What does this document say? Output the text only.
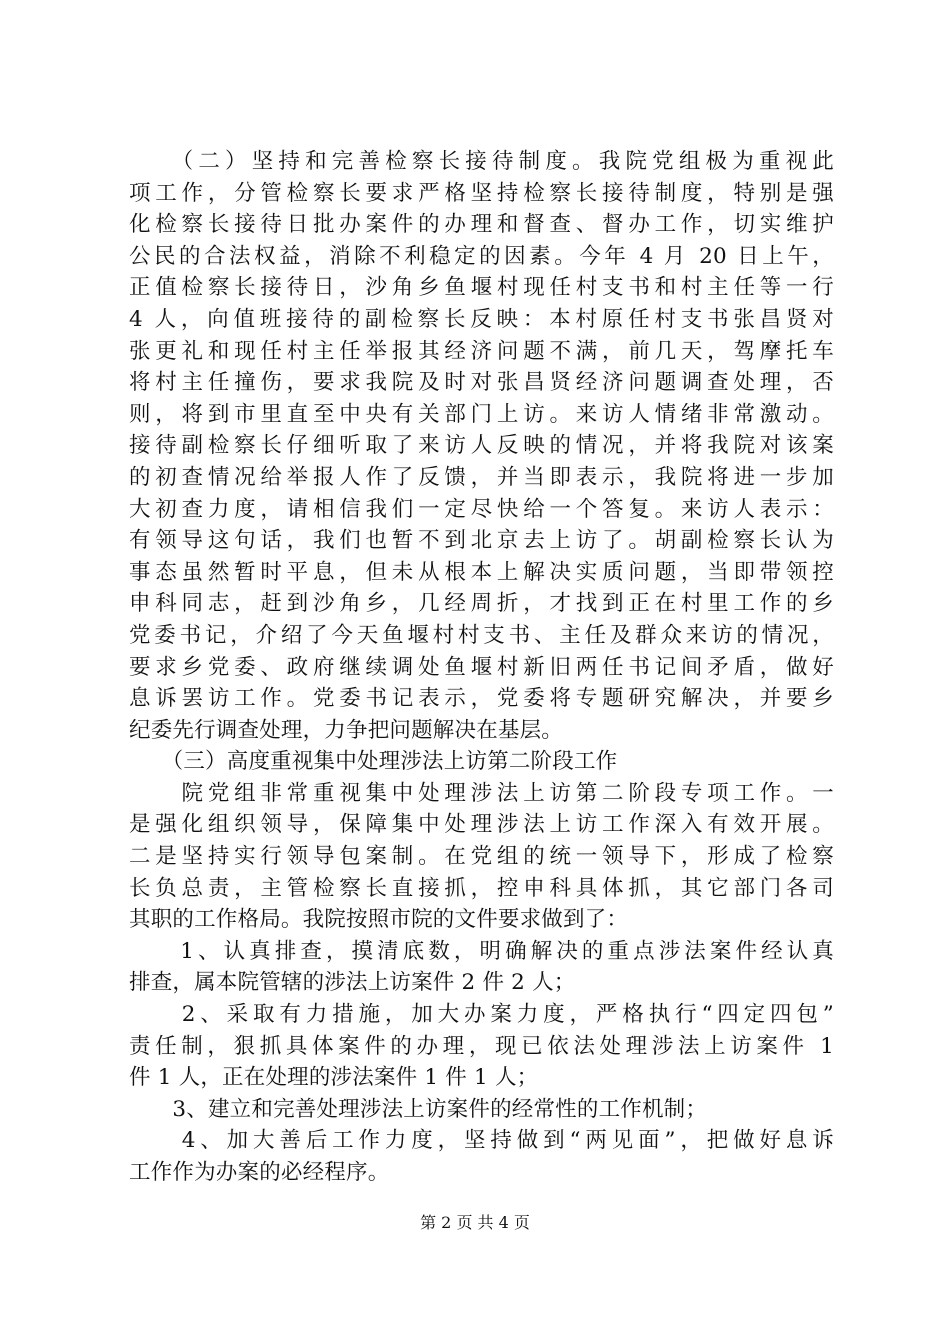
　　（二）坚持和完善检察长接待制度。我院党组极为重视此
项工作，分管检察长要求严格坚持检察长接待制度，特别是强
化检察长接待日批办案件的办理和督查、督办工作，切实维护
公民的合法权益，消除不利稳定的因素。今年 4 月 20 日上午，
正值检察长接待日，沙角乡鱼堰村现任村支书和村主任等一行
4 人，向值班接待的副检察长反映：本村原任村支书张昌贤对
张更礼和现任村主任举报其经济问题不满，前几天，驾摩托车
将村主任撞伤，要求我院及时对张昌贤经济问题调查处理，否
则，将到市里直至中央有关部门上访。来访人情绪非常激动。
接待副检察长仔细听取了来访人反映的情况，并将我院对该案
的初查情况给举报人作了反馈，并当即表示，我院将进一步加
大初查力度，请相信我们一定尽快给一个答复。来访人表示：
有领导这句话，我们也暂不到北京去上访了。胡副检察长认为
事态虽然暂时平息，但未从根本上解决实质问题，当即带领控
申科同志，赶到沙角乡，几经周折，才找到正在村里工作的乡
党委书记，介绍了今天鱼堰村村支书、主任及群众来访的情况，
要求乡党委、政府继续调处鱼堰村新旧两任书记间矛盾，做好
息诉罢访工作。党委书记表示，党委将专题研究解决，并要乡
纪委先行调查处理，力争把问题解决在基层。
　　（三）高度重视集中处理涉法上访第二阶段工作
　　院党组非常重视集中处理涉法上访第二阶段专项工作。一
是强化组织领导，保障集中处理涉法上访工作深入有效开展。
二是坚持实行领导包案制。在党组的统一领导下，形成了检察
长负总责，主管检察长直接抓，控申科具体抓，其它部门各司
其职的工作格局。我院按照市院的文件要求做到了：
　　1、认真排查，摸清底数，明确解决的重点涉法案件经认真
排查，属本院管辖的涉法上访案件 2 件 2 人；
　　2、采取有力措施，加大办案力度，严格执行“四定四包”
责任制，狠抓具体案件的办理，现已依法处理涉法上访案件 1
件 1 人，正在处理的涉法案件 1 件 1 人；
　　3、建立和完善处理涉法上访案件的经常性的工作机制；
　　4、加大善后工作力度，坚持做到“两见面”，把做好息诉
工作作为办案的必经程序。
第 2 页 共 4 页
